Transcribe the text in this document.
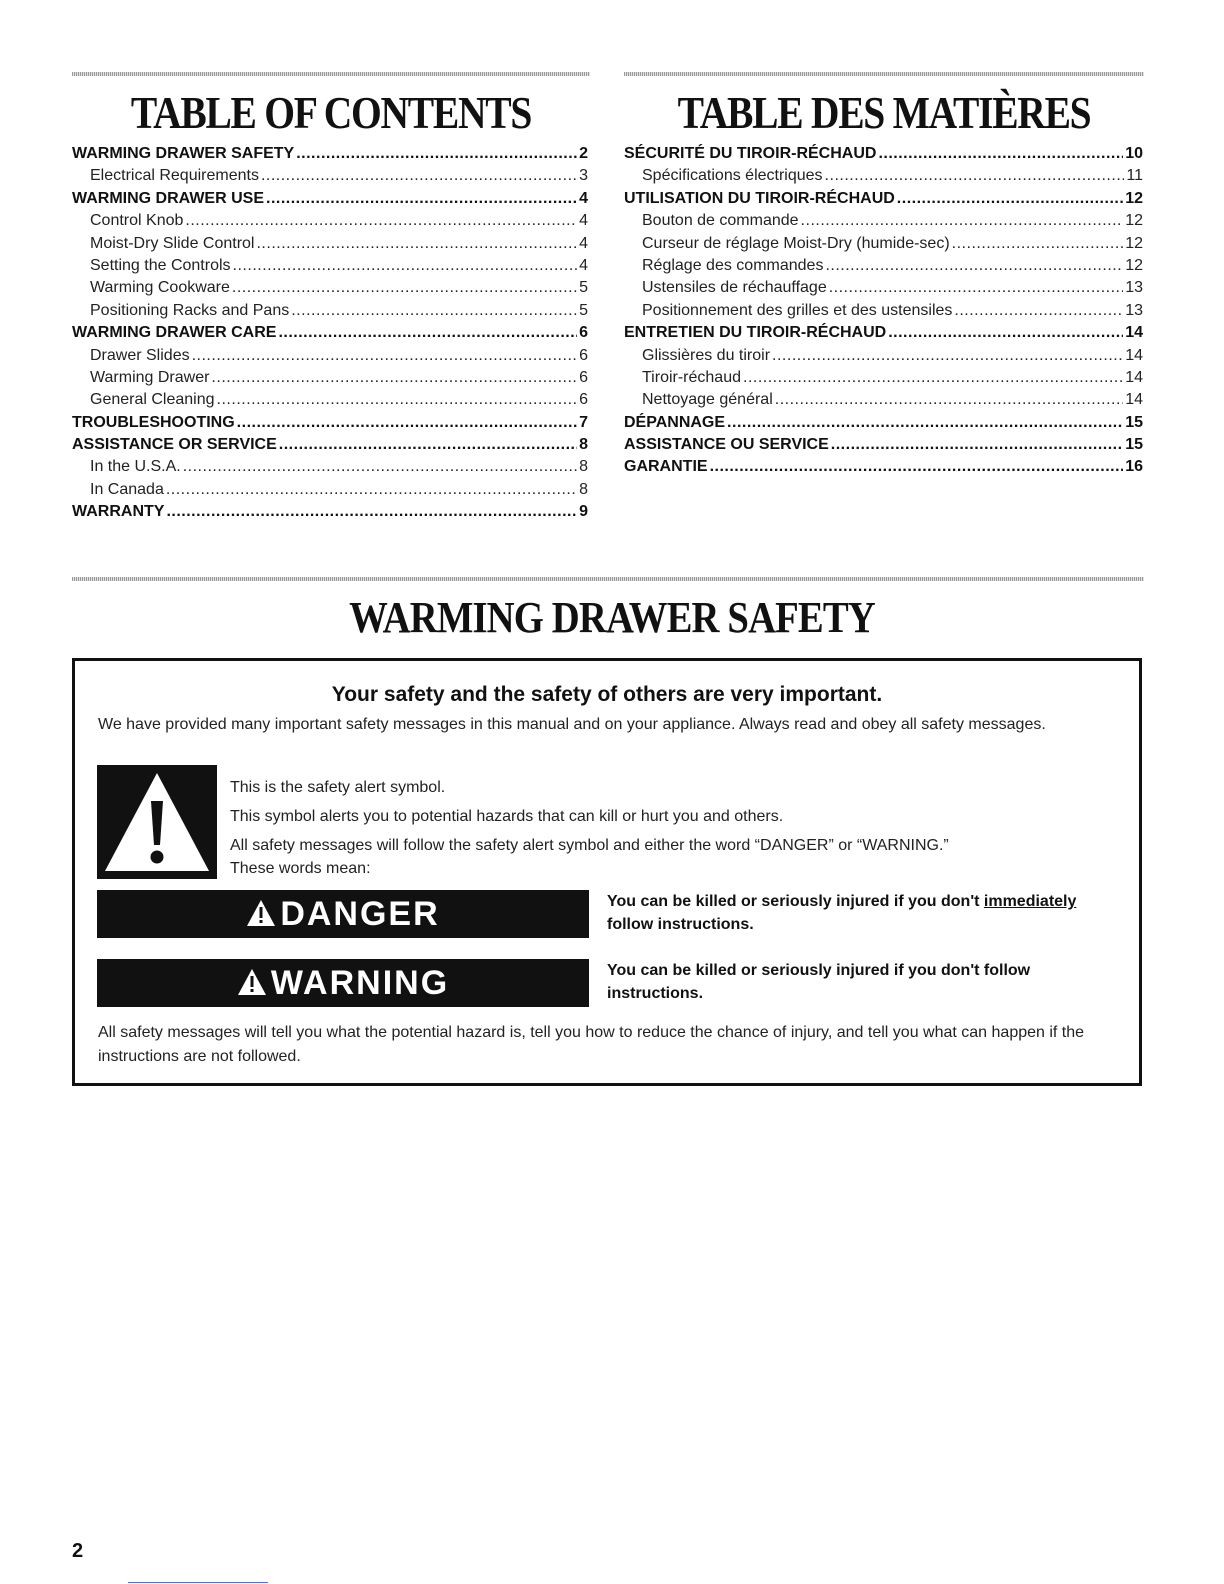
TABLE OF CONTENTS	TABLE DES MATIÈRES
WARMING DRAWER SAFETY .....	2
Electrical Requirements .....	3
WARMING DRAWER USE .....	4
Control Knob .....	4
Moist-Dry Slide Control .....	4
Setting the Controls .....	4
Warming Cookware .....	5
Positioning Racks and Pans .....	5
WARMING DRAWER CARE .....	6
Drawer Slides .....	6
Warming Drawer .....	6
General Cleaning .....	6
TROUBLESHOOTING .....	7
ASSISTANCE OR SERVICE .....	8
In the U.S.A. .....	8
In Canada .....	8
WARRANTY .....	9
SÉCURITÉ DU TIROIR-RÉCHAUD .....	10
Spécifications électriques .....	11
UTILISATION DU TIROIR-RÉCHAUD .....	12
Bouton de commande .....	12
Curseur de réglage Moist-Dry (humide-sec) .....	12
Réglage des commandes .....	12
Ustensiles de réchauffage .....	13
Positionnement des grilles et des ustensiles .....	13
ENTRETIEN DU TIROIR-RÉCHAUD .....	14
Glissières du tiroir .....	14
Tiroir-réchaud .....	14
Nettoyage général .....	14
DÉPANNAGE .....	15
ASSISTANCE OU SERVICE .....	15
GARANTIE .....	16
WARMING DRAWER SAFETY
Your safety and the safety of others are very important.
We have provided many important safety messages in this manual and on your appliance. Always read and obey all safety messages.
This is the safety alert symbol.
This symbol alerts you to potential hazards that can kill or hurt you and others.
All safety messages will follow the safety alert symbol and either the word “DANGER” or “WARNING.”
These words mean:
DANGER	You can be killed or seriously injured if you don't immediately follow instructions.
WARNING	You can be killed or seriously injured if you don't follow instructions.
All safety messages will tell you what the potential hazard is, tell you how to reduce the chance of injury, and tell you what can happen if the instructions are not followed.
2
